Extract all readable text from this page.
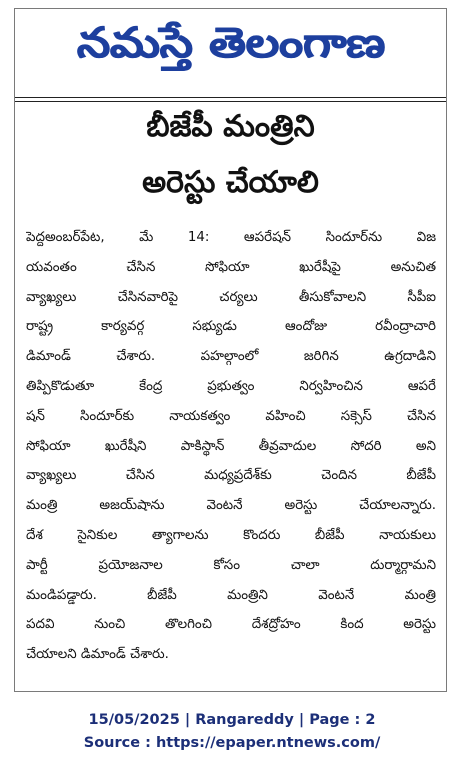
నమస్తే తెలంగాణ
బీజేపీ మంత్రిని
అరెస్టు చేయాలి
పెద్దఅంబర్‌పేట, మే 14: ఆపరేషన్ సిందూర్‌ను విజ
యవంతం చేసిన సోఫియా ఖురేషీపై అనుచిత
వ్యాఖ్యలు చేసినవారిపై చర్యలు తీసుకోవాలని సీపీఐ
రాష్ట్ర కార్యవర్గ సభ్యుడు ఆందోజు రవీంద్రాచారి
డిమాండ్ చేశారు. పహల్గాంలో జరిగిన ఉగ్రదాడిని
తిప్పికొడుతూ కేంద్ర ప్రభుత్వం నిర్వహించిన ఆపరే
షన్ సిందూర్‌కు నాయకత్వం వహించి సక్సెస్ చేసిన
సోఫియా ఖురేషీని పాకిస్థాన్ తీవ్రవాదుల సోదరి అని
వ్యాఖ్యలు చేసిన మధ్యప్రదేశ్‌కు చెందిన బీజేపీ
మంత్రి అజయ్‌షాను వెంటనే అరెస్టు చేయాలన్నారు.
దేశ సైనికుల త్యాగాలను కొందరు బీజేపీ నాయకులు
పార్టీ ప్రయోజనాల కోసం చాలా దుర్మార్గామని
మండిపడ్డారు. బీజేపీ మంత్రిని వెంటనే మంత్రి
పదవి నుంచి తొలగించి దేశద్రోహం కింద అరెస్టు
చేయాలని డిమాండ్ చేశారు.
15/05/2025 | Rangareddy | Page : 2
Source : https://epaper.ntnews.com/
